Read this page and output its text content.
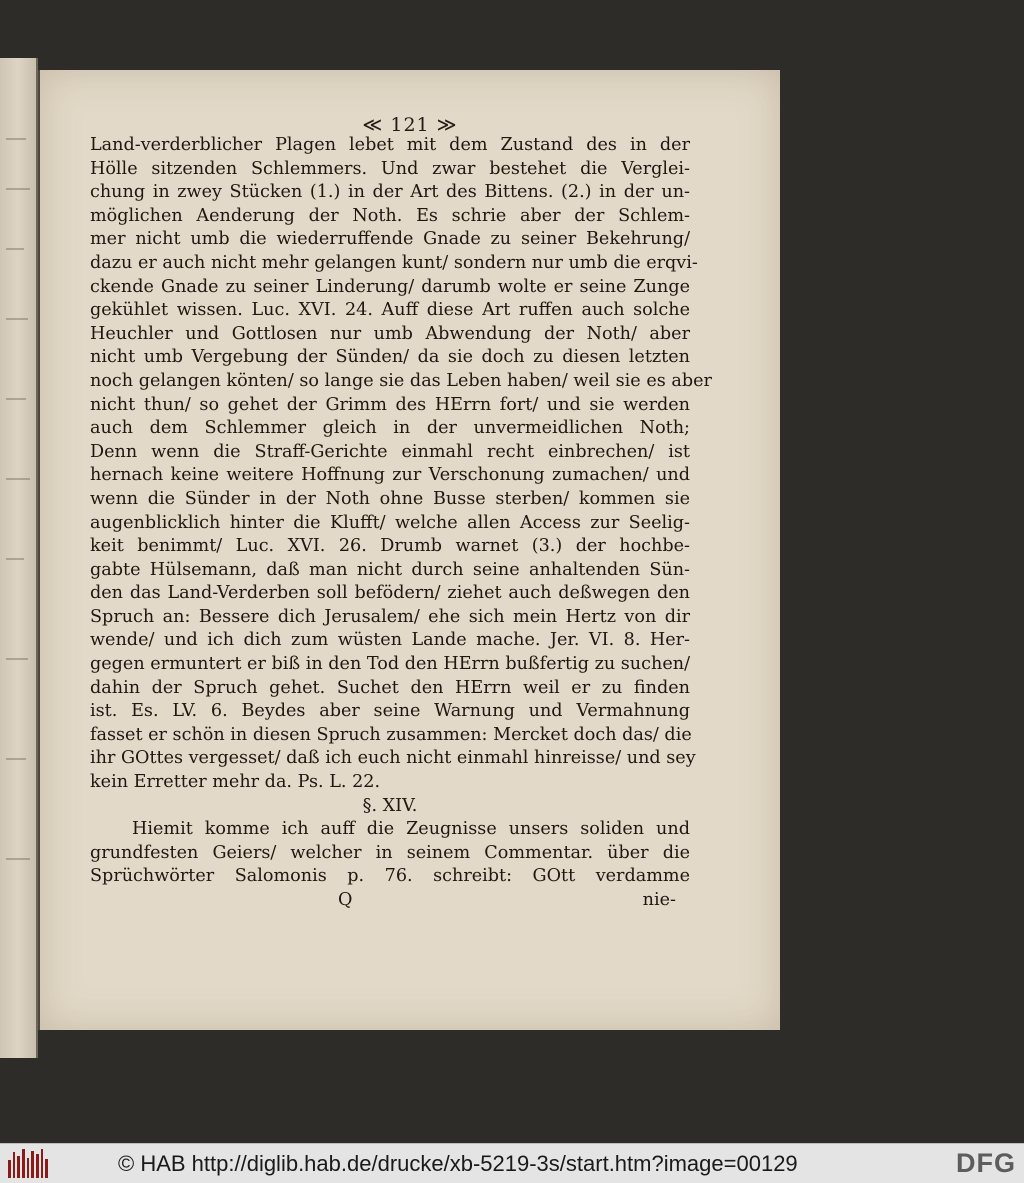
≪ 121 ≫
Land-verderblicher Plagen lebet mit dem Zustand des in der
Hölle sitzenden Schlemmers. Und zwar bestehet die Verglei-
chung in zwey Stücken (1.) in der Art des Bittens. (2.) in der un-
möglichen Aenderung der Noth. Es schrie aber der Schlem-
mer nicht umb die wiederruffende Gnade zu seiner Bekehrung/
dazu er auch nicht mehr gelangen kunt/ sondern nur umb die erqvi-
ckende Gnade zu seiner Linderung/ darumb wolte er seine Zunge
gekühlet wissen. Luc. XVI. 24. Auff diese Art ruffen auch solche
Heuchler und Gottlosen nur umb Abwendung der Noth/ aber
nicht umb Vergebung der Sünden/ da sie doch zu diesen letzten
noch gelangen könten/ so lange sie das Leben haben/ weil sie es aber
nicht thun/ so gehet der Grimm des HErrn fort/ und sie werden
auch dem Schlemmer gleich in der unvermeidlichen Noth;
Denn wenn die Straff-Gerichte einmahl recht einbrechen/ ist
hernach keine weitere Hoffnung zur Verschonung zumachen/ und
wenn die Sünder in der Noth ohne Busse sterben/ kommen sie
augenblicklich hinter die Klufft/ welche allen Access zur Seelig-
keit benimmt/ Luc. XVI. 26. Drumb warnet (3.) der hochbe-
gabte Hülsemann, daß man nicht durch seine anhaltenden Sün-
den das Land-Verderben soll befödern/ ziehet auch deßwegen den
Spruch an: Bessere dich Jerusalem/ ehe sich mein Hertz von dir
wende/ und ich dich zum wüsten Lande mache. Jer. VI. 8. Her-
gegen ermuntert er biß in den Tod den HErrn bußfertig zu suchen/
dahin der Spruch gehet. Suchet den HErrn weil er zu finden
ist. Es. LV. 6. Beydes aber seine Warnung und Vermahnung
fasset er schön in diesen Spruch zusammen: Mercket doch das/ die
ihr GOttes vergesset/ daß ich euch nicht einmahl hinreisse/ und sey
kein Erretter mehr da. Ps. L. 22.
§. XIV.
Hiemit komme ich auff die Zeugnisse unsers soliden und
grundfesten Geiers/ welcher in seinem Commentar. über die
Sprüchwörter Salomonis p. 76. schreibt: GOtt verdamme
Q	nie-
© HAB http://diglib.hab.de/drucke/xb-5219-3s/start.htm?image=00129	DFG
